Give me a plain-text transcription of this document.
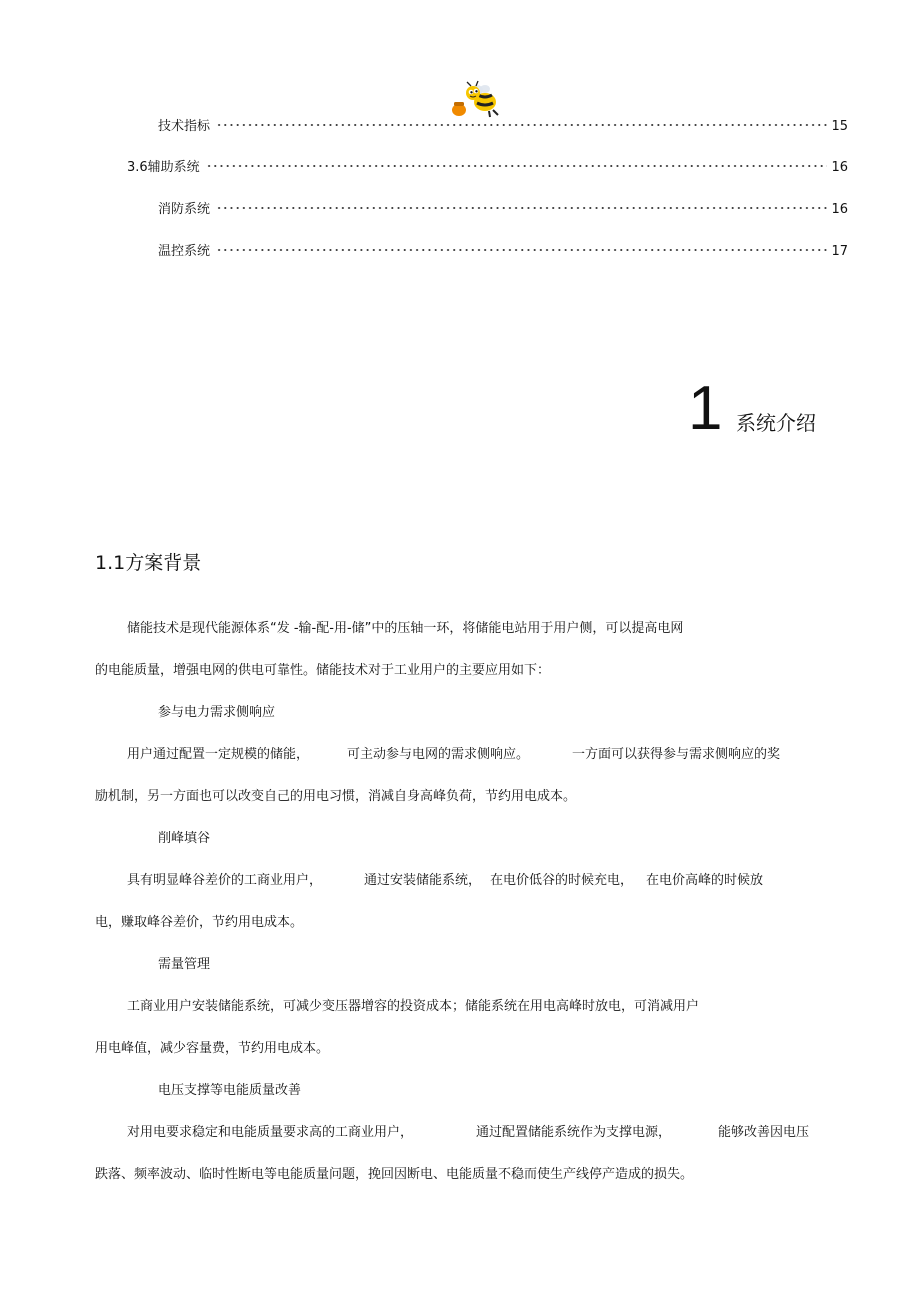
技术指标	15
3.6辅助系统	16
消防系统	16
温控系统	17
1 系统介绍
1.1方案背景
储能技术是现代能源体系“发 -输-配-用-储”中的压轴一环，将储能电站用于用户侧，可以提高电网
的电能质量，增强电网的供电可靠性。储能技术对于工业用户的主要应用如下：
参与电力需求侧响应
用户通过配置一定规模的储能，	可主动参与电网的需求侧响应。	一方面可以获得参与需求侧响应的奖
励机制，另一方面也可以改变自己的用电习惯，消减自身高峰负荷，节约用电成本。
削峰填谷
具有明显峰谷差价的工商业用户，	通过安装储能系统， 在电价低谷的时候充电， 在电价高峰的时候放
电，赚取峰谷差价，节约用电成本。
需量管理
工商业用户安装储能系统，可减少变压器增容的投资成本；储能系统在用电高峰时放电，可消减用户
用电峰值，减少容量费，节约用电成本。
电压支撑等电能质量改善
对用电要求稳定和电能质量要求高的工商业用户，	通过配置储能系统作为支撑电源，	能够改善因电压
跌落、频率波动、临时性断电等电能质量问题，挽回因断电、电能质量不稳而使生产线停产造成的损失。
